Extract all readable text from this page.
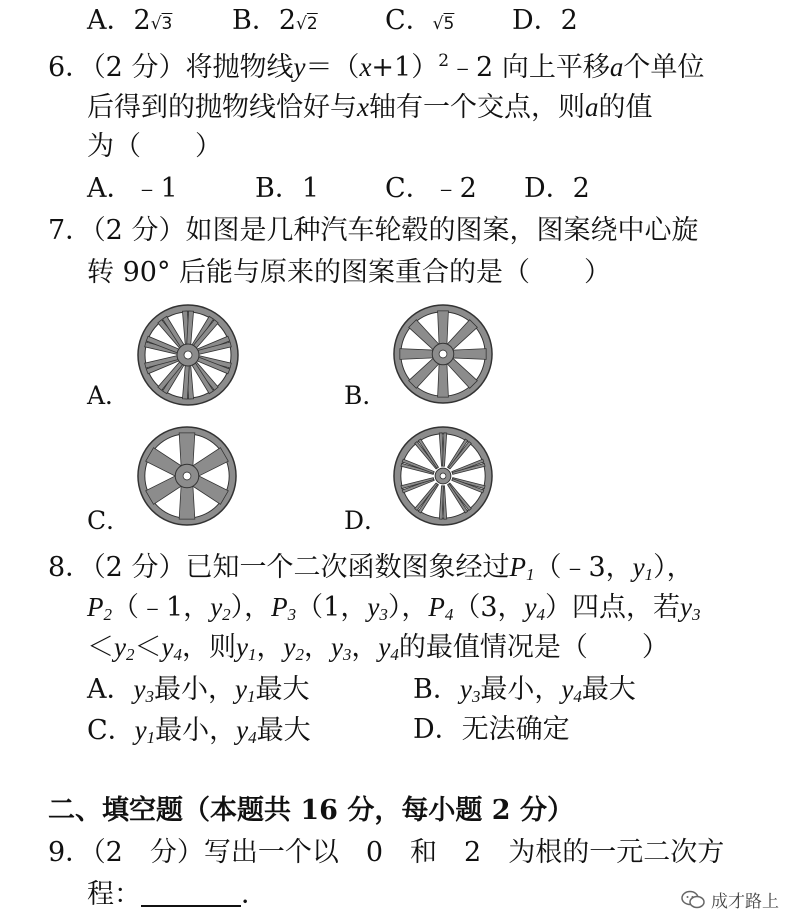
A．2√3 B．2√2 C．√5 D．2
6．（2 分）将抛物线$y=(x+1)^2﹣2$ 向上平移a个单位
后得到的抛物线恰好与x轴有一个交点，则a的值
为（　　）
A．﹣1	B．1 C．﹣2 D．2
7．（2 分）如图是几种汽车轮毂的图案，图案绕中心旋
转 90° 后能与原来的图案重合的是（　　）
A．	B．
C．	D．
8．（2 分）已知一个二次函数图象经过$P_1(﹣3$，$y_1$），
$P_2(﹣1$，$y_2$），$P_3(1$，$y_3$），$P_4(3$，$y_4$）四点，若$y_3$
$<y_2<y_4$，则$y_1$，$y_2$，$y_3$，$y_4$的最值情况是（　　）
A．$y_3$最小，$y_1$最大	B．$y_3$最小，$y_4$最大
C．$y_1$最小，$y_4$最大	D．无法确定
二、填空题（本题共 16 分，每小题 2 分）
9．（2　分）写出一个以　0　和　2　为根的一元二次方
程：	．	成才路上
